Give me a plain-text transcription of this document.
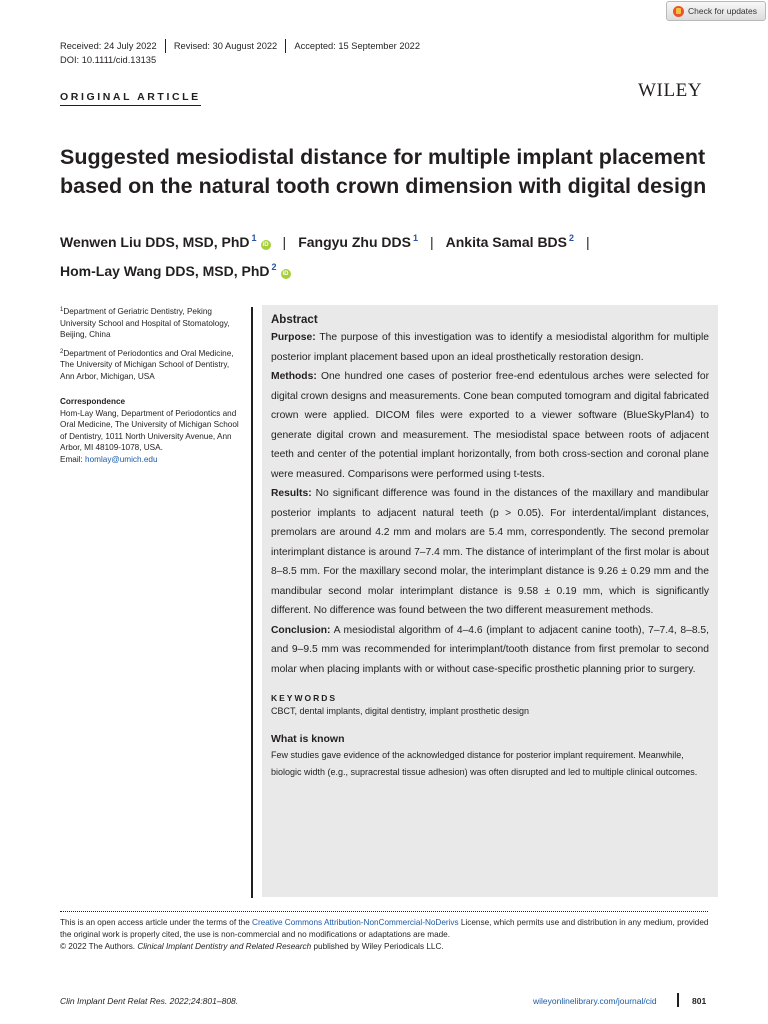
Check for updates
Received: 24 July 2022 Revised: 30 August 2022 Accepted: 15 September 2022
DOI: 10.1111/cid.13135
ORIGINAL ARTICLE	WILEY
Suggested mesiodistal distance for multiple implant placement
based on the natural tooth crown dimension with digital design
Wenwen Liu DDS, MSD, PhD $^1$iD | Fangyu Zhu DDS $^1$ | Ankita Samal BDS $^2$ |
Hom-Lay Wang DDS, MSD, PhD $^2$iD

$^1$Department of Geriatric Dentistry, Peking University School and Hospital of Stomatology, Beijing, China

$^2$Department of Periodontics and Oral Medicine, The University of Michigan School of Dentistry, Ann Arbor, Michigan, USA

Correspondence

Hom-Lay Wang, Department of Periodontics and Oral Medicine, The University of Michigan School of Dentistry, 1011 North University Avenue, Ann Arbor, MI 48109-1078, USA.
Email: homlay@umich.edu

Abstract

Purpose: The purpose of this investigation was to identify a mesiodistal algorithm for multiple posterior implant placement based upon an ideal prosthetically restoration design.

Methods: One hundred one cases of posterior free-end edentulous arches were selected for digital crown designs and measurements. Cone bean computed tomogram and digital fabricated crown were applied. DICOM files were exported to a viewer software (BlueSkyPlan4) to generate digital crown and measurement. The mesiodistal space between roots of adjacent teeth and center of the potential implant horizontally, from both cross-section and coronal plane were measured. Comparisons were performed using t-tests.

Results: No significant difference was found in the distances of the maxillary and mandibular posterior implants to adjacent natural teeth (p > 0.05). For interdental/implant distances, premolars are around 4.2 mm and molars are 5.4 mm, correspondently. The second premolar interimplant distance is around 7–7.4 mm. The distance of interimplant of the first molar is about 8–8.5 mm. For the maxillary second molar, the interimplant distance is 9.26 ± 0.29 mm and the mandibular second molar interimplant distance is 9.58 ± 0.19 mm, which is significantly different. No difference was found between the two different measurement methods.

Conclusion: A mesiodistal algorithm of 4–4.6 (implant to adjacent canine tooth), 7–7.4, 8–8.5, and 9–9.5 mm was recommended for interimplant/tooth distance from first premolar to second molar when placing implants with or without case-specific prosthetic planning prior to surgery.

KEYWORDS

CBCT, dental implants, digital dentistry, implant prosthetic design

What is known

Few studies gave evidence of the acknowledged distance for posterior implant requirement. Meanwhile, biologic width (e.g., supracrestal tissue adhesion) was often disrupted and led to multiple clinical outcomes.

This is an open access article under the terms of the Creative Commons Attribution-NonCommercial-NoDerivs License, which permits use and distribution in any medium, provided the original work is properly cited, the use is non-commercial and no modifications or adaptations are made.

© 2022 The Authors. Clinical Implant Dentistry and Related Research published by Wiley Periodicals LLC.

Clin Implant Dent Relat Res. 2022;24:801–808.	wileyonlinelibrary.com/journal/cid	801
